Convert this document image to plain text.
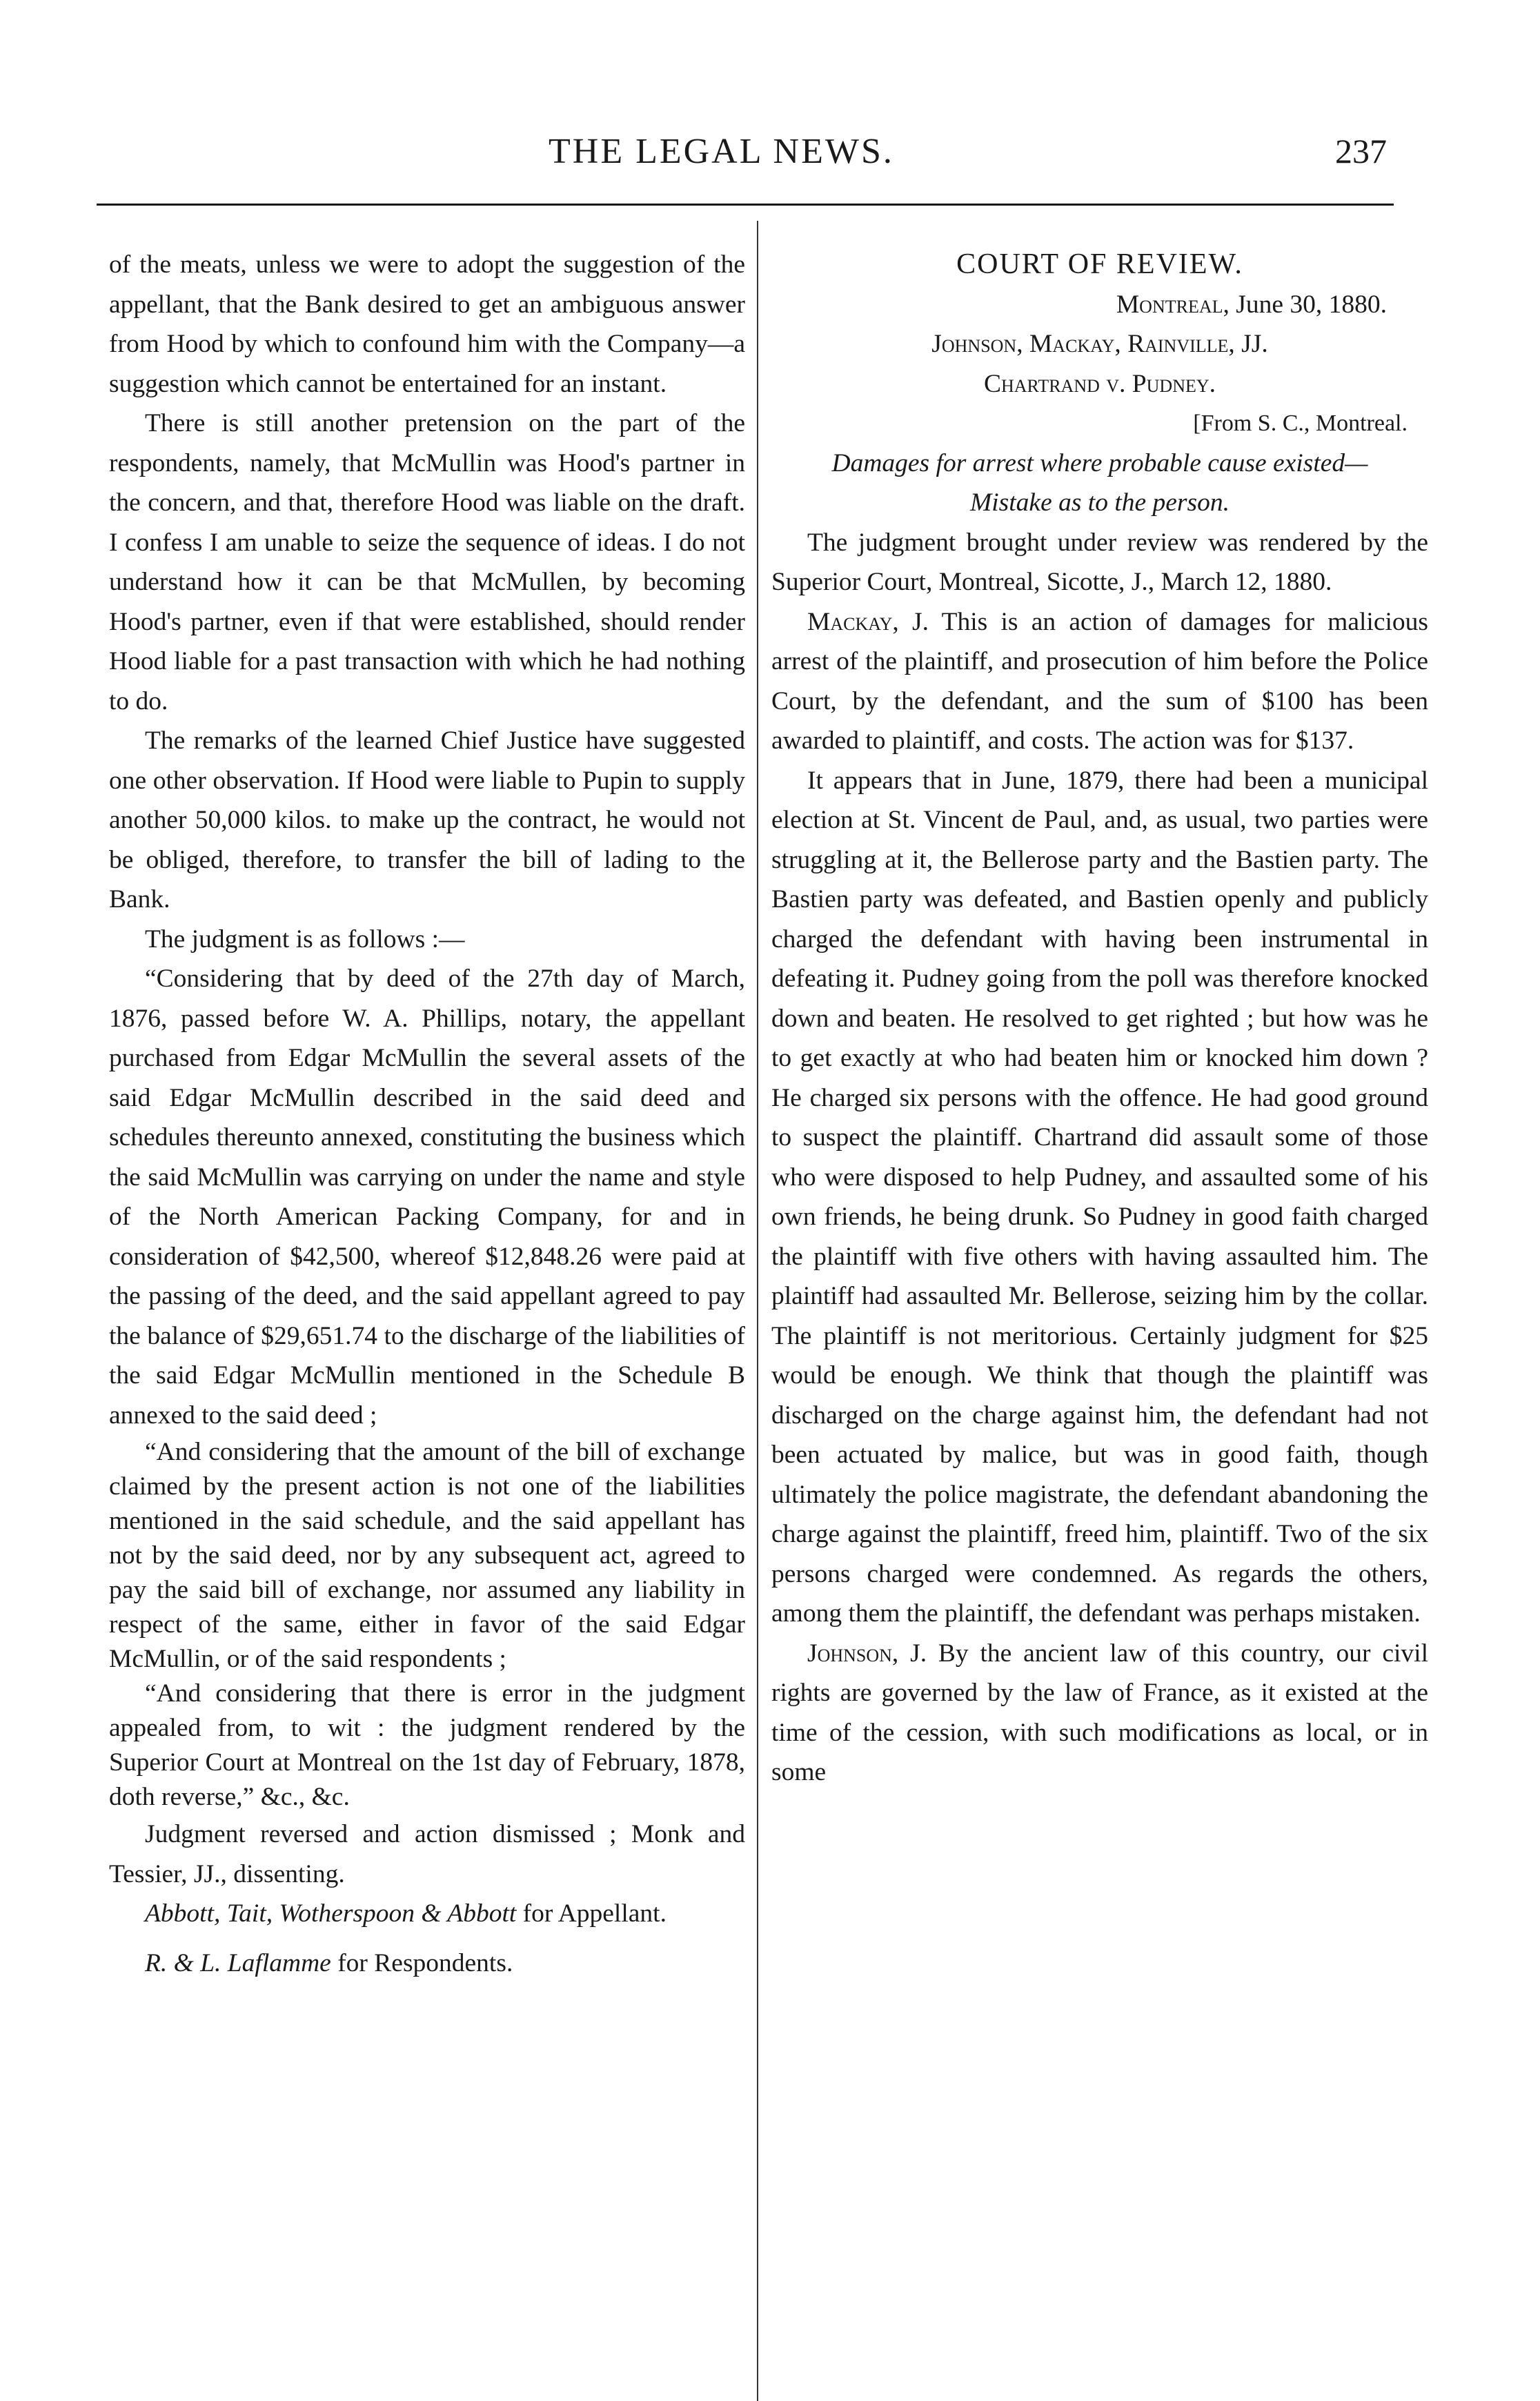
THE LEGAL NEWS.	237

of the meats, unless we were to adopt the suggestion of the appellant, that the Bank desired to get an ambiguous answer from Hood by which to confound him with the Company—a suggestion which cannot be entertained for an instant.

There is still another pretension on the part of the respondents, namely, that McMullin was Hood's partner in the concern, and that, therefore Hood was liable on the draft. I confess I am unable to seize the sequence of ideas. I do not understand how it can be that McMullen, by becoming Hood's partner, even if that were established, should render Hood liable for a past transaction with which he had nothing to do.

The remarks of the learned Chief Justice have suggested one other observation. If Hood were liable to Pupin to supply another 50,000 kilos. to make up the contract, he would not be obliged, therefore, to transfer the bill of lading to the Bank.

The judgment is as follows :—

“Considering that by deed of the 27th day of March, 1876, passed before W. A. Phillips, notary, the appellant purchased from Edgar McMullin the several assets of the said Edgar McMullin described in the said deed and schedules thereunto annexed, constituting the business which the said McMullin was carrying on under the name and style of the North American Packing Company, for and in consideration of $42,500, whereof $12,848.26 were paid at the passing of the deed, and the said appellant agreed to pay the balance of $29,651.74 to the discharge of the liabilities of the said Edgar McMullin mentioned in the Schedule B annexed to the said deed ;

“And considering that the amount of the bill of exchange claimed by the present action is not one of the liabilities mentioned in the said schedule, and the said appellant has not by the said deed, nor by any subsequent act, agreed to pay the said bill of exchange, nor assumed any liability in respect of the same, either in favor of the said Edgar McMullin, or of the said respondents ;

“And considering that there is error in the judgment appealed from, to wit : the judgment rendered by the Superior Court at Montreal on the 1st day of February, 1878, doth reverse,” &c., &c.

Judgment reversed and action dismissed ; Monk and Tessier, JJ., dissenting.

Abbott, Tait, Wotherspoon & Abbott for Appellant.

R. & L. Laflamme for Respondents.

COURT OF REVIEW.

Montreal, June 30, 1880.

Johnson, Mackay, Rainville, JJ.

Chartrand v. Pudney.

[From S. C., Montreal.

Damages for arrest where probable cause existed—Mistake as to the person.

The judgment brought under review was rendered by the Superior Court, Montreal, Sicotte, J., March 12, 1880.

Mackay, J. This is an action of damages for malicious arrest of the plaintiff, and prosecution of him before the Police Court, by the defendant, and the sum of $100 has been awarded to plaintiff, and costs. The action was for $137.

It appears that in June, 1879, there had been a municipal election at St. Vincent de Paul, and, as usual, two parties were struggling at it, the Bellerose party and the Bastien party. The Bastien party was defeated, and Bastien openly and publicly charged the defendant with having been instrumental in defeating it. Pudney going from the poll was therefore knocked down and beaten. He resolved to get righted ; but how was he to get exactly at who had beaten him or knocked him down ? He charged six persons with the offence. He had good ground to suspect the plaintiff. Chartrand did assault some of those who were disposed to help Pudney, and assaulted some of his own friends, he being drunk. So Pudney in good faith charged the plaintiff with five others with having assaulted him. The plaintiff had assaulted Mr. Bellerose, seizing him by the collar. The plaintiff is not meritorious. Certainly judgment for $25 would be enough. We think that though the plaintiff was discharged on the charge against him, the defendant had not been actuated by malice, but was in good faith, though ultimately the police magistrate, the defendant abandoning the charge against the plaintiff, freed him, plaintiff. Two of the six persons charged were condemned. As regards the others, among them the plaintiff, the defendant was perhaps mistaken.

Johnson, J. By the ancient law of this country, our civil rights are governed by the law of France, as it existed at the time of the cession, with such modifications as local, or in some
